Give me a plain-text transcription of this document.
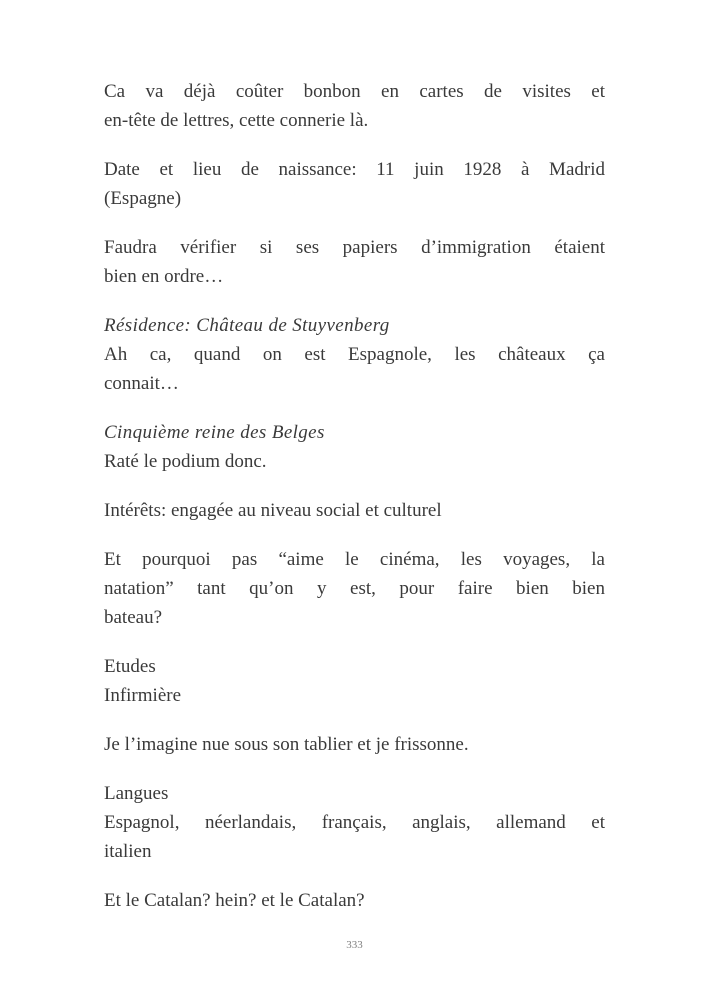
Ca va déjà coûter bonbon en cartes de visites et
en-tête de lettres, cette connerie là.
Date et lieu de naissance: 11 juin 1928 à Madrid
(Espagne)
Faudra vérifier si ses papiers d’immigration étaient
bien en ordre…
Résidence: Château de Stuyvenberg
Ah ca, quand on est Espagnole, les châteaux ça
connait…
Cinquième reine des Belges
Raté le podium donc.
Intérêts: engagée au niveau social et culturel
Et pourquoi pas “aime le cinéma, les voyages, la
natation” tant qu’on y est, pour faire bien bien
bateau?
Etudes
Infirmière
Je l’imagine nue sous son tablier et je frissonne.
Langues
Espagnol, néerlandais, français, anglais, allemand et
italien
Et le Catalan? hein? et le Catalan?
333
